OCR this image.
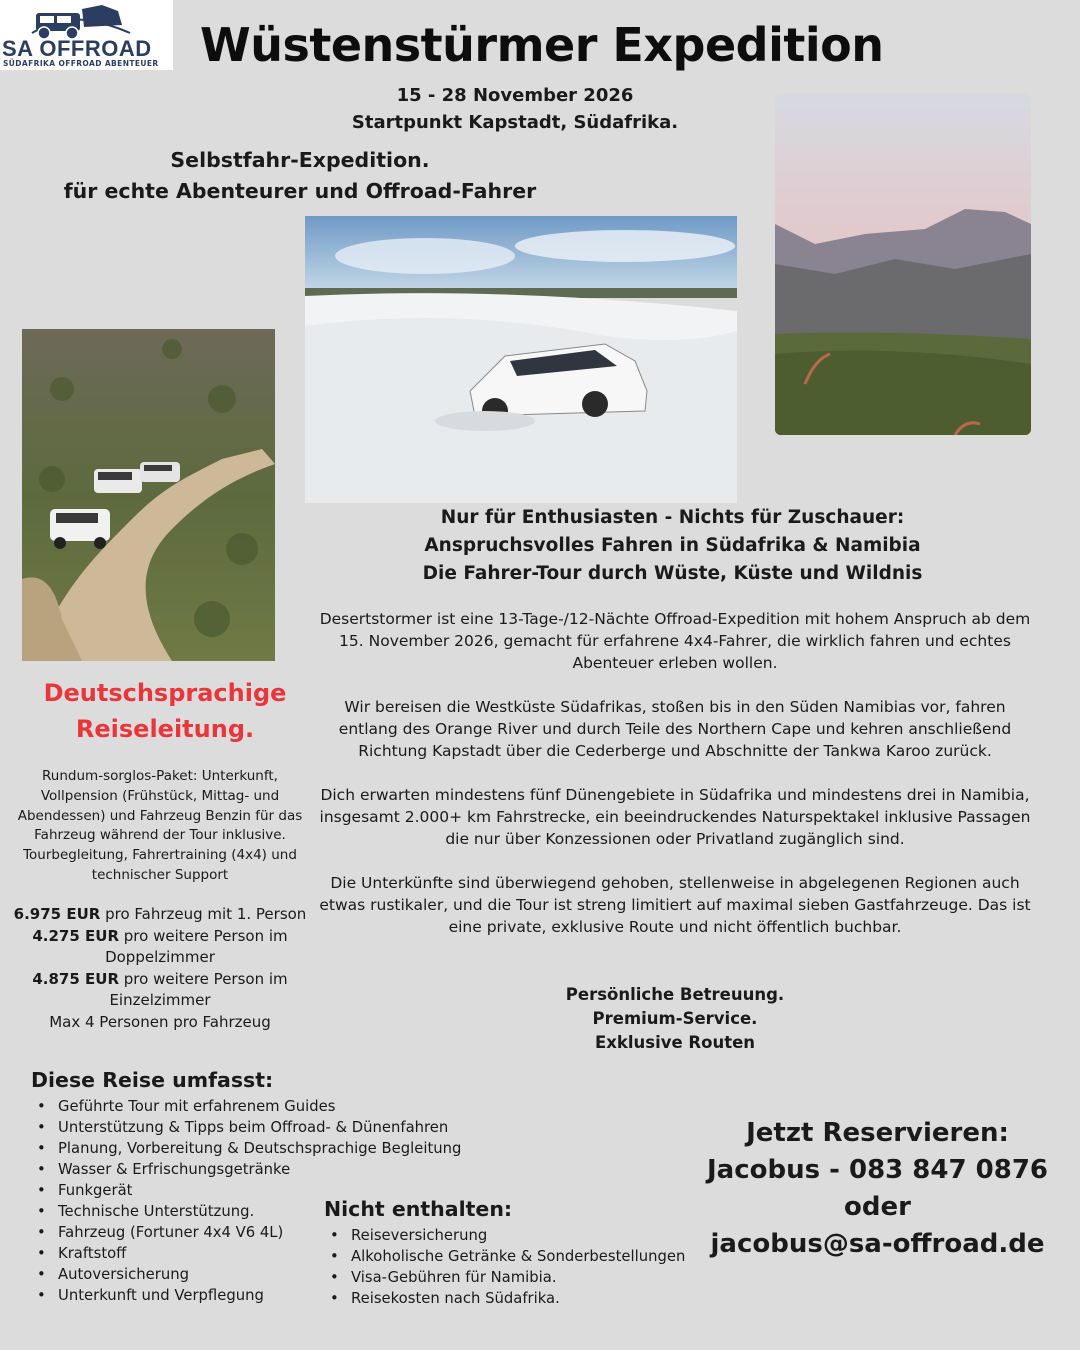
SA OFFROAD
SÜDAFRIKA OFFROAD ABENTEUER Wüstenstürmer Expedition
15 - 28 November 2026
Startpunkt Kapstadt, Südafrika.
Selbstfahr-Expedition.
für echte Abenteurer und Offroad-Fahrer
Deutschsprachige
Reiseleitung.
Rundum-sorglos-Paket: Unterkunft, Vollpension (Frühstück, Mittag- und Abendessen) und Fahrzeug Benzin für das Fahrzeug während der Tour inklusive. Tourbegleitung, Fahrertraining (4x4) und technischer Support
6.975 EUR pro Fahrzeug mit 1. Person
4.275 EUR pro weitere Person im Doppelzimmer
4.875 EUR pro weitere Person im Einzelzimmer
Max 4 Personen pro Fahrzeug
Nur für Enthusiasten - Nichts für Zuschauer:
Anspruchsvolles Fahren in Südafrika & Namibia
Die Fahrer-Tour durch Wüste, Küste und Wildnis

Desertstormer ist eine 13-Tage-/12-Nächte Offroad-Expedition mit hohem Anspruch ab dem 15. November 2026, gemacht für erfahrene 4x4-Fahrer, die wirklich fahren und echtes Abenteuer erleben wollen.

Wir bereisen die Westküste Südafrikas, stoßen bis in den Süden Namibias vor, fahren entlang des Orange River und durch Teile des Northern Cape und kehren anschließend Richtung Kapstadt über die Cederberge und Abschnitte der Tankwa Karoo zurück.

Dich erwarten mindestens fünf Dünengebiete in Südafrika und mindestens drei in Namibia, insgesamt 2.000+ km Fahrstrecke, ein beeindruckendes Naturspektakel inklusive Passagen die nur über Konzessionen oder Privatland zugänglich sind.

Die Unterkünfte sind überwiegend gehoben, stellenweise in abgelegenen Regionen auch etwas rustikaler, und die Tour ist streng limitiert auf maximal sieben Gastfahrzeuge. Das ist eine private, exklusive Route und nicht öffentlich buchbar.

Persönliche Betreuung.
Premium-Service.
Exklusive Routen
Diese Reise umfasst:
• Geführte Tour mit erfahrenem Guides
• Unterstützung & Tipps beim Offroad- & Dünenfahren
• Planung, Vorbereitung & Deutschsprachige Begleitung
• Wasser & Erfrischungsgetränke
• Funkgerät
• Technische Unterstützung.
• Fahrzeug (Fortuner 4x4 V6 4L)
• Kraftstoff
• Autoversicherung
• Unterkunft und Verpflegung
Nicht enthalten:
• Reiseversicherung
• Alkoholische Getränke & Sonderbestellungen
• Visa-Gebühren für Namibia.
• Reisekosten nach Südafrika.
Jetzt Reservieren:
Jacobus - 083 847 0876
oder
jacobus@sa-offroad.de
